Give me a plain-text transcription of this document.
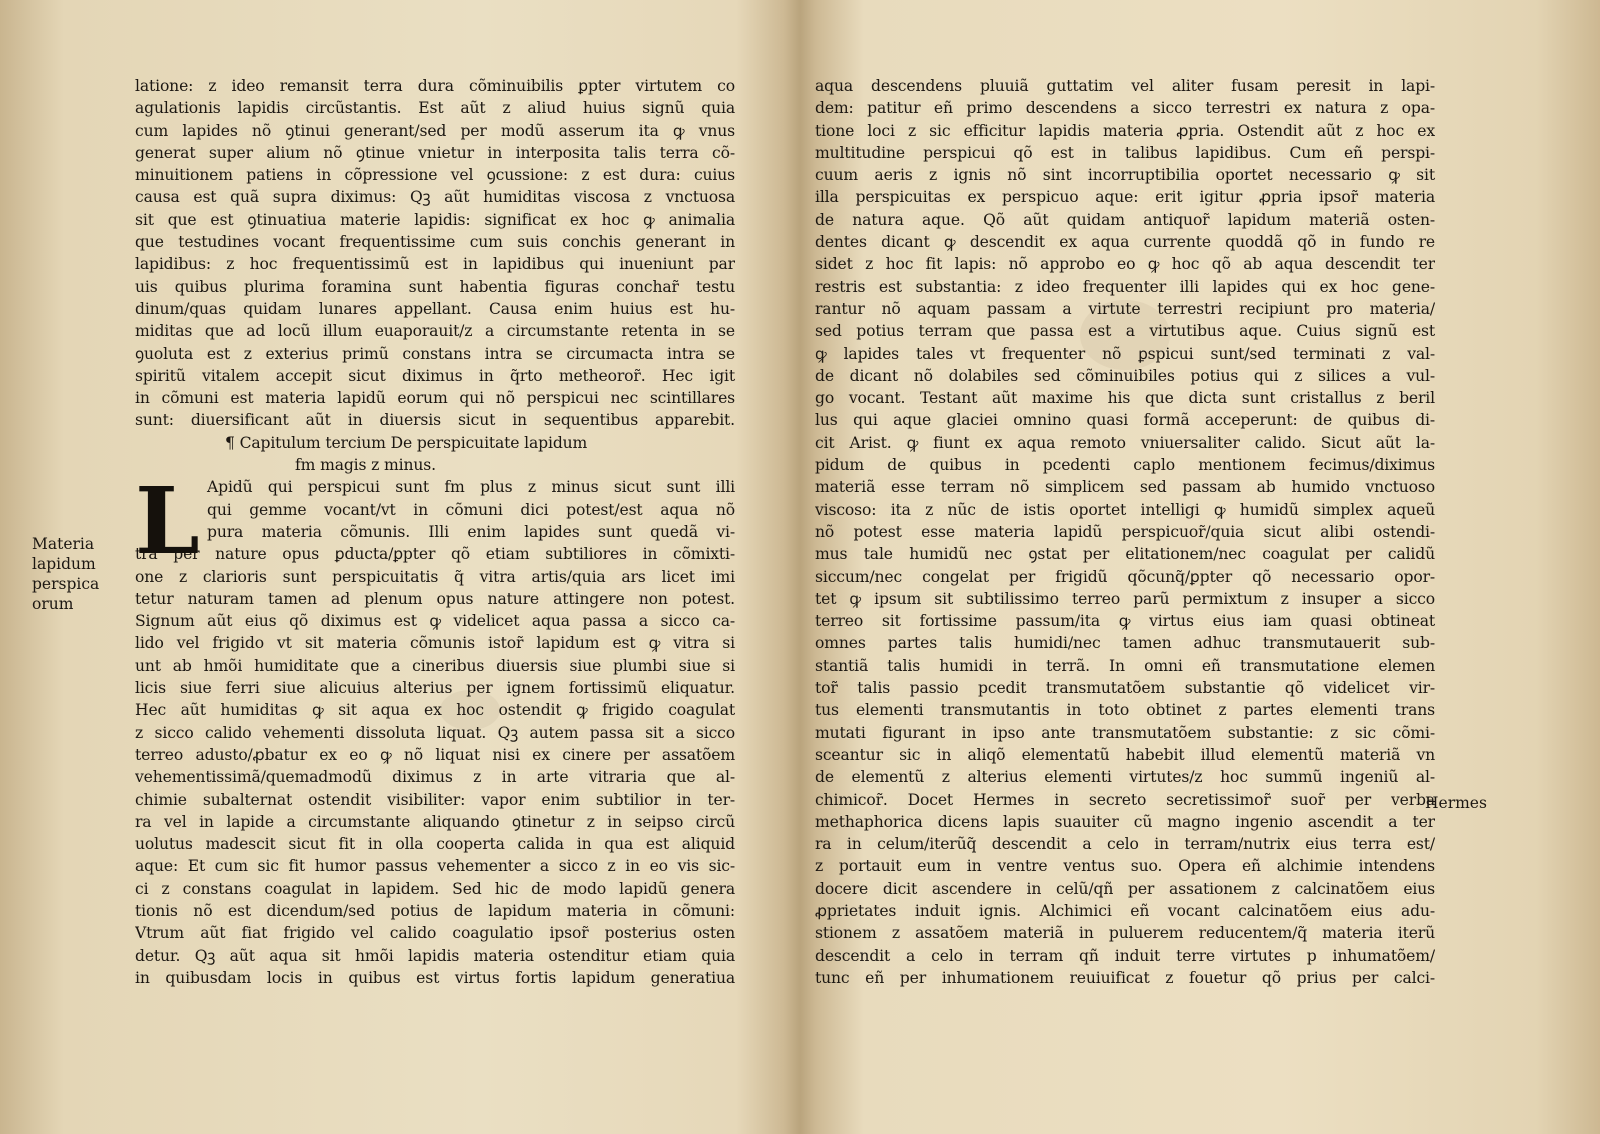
latione: z ideo remansit terra dura cõminuibilis ꝑpter virtutem co
agulationis lapidis circũstantis. Est aũt z aliud huius signũ quia
cum lapides nõ ꝯtinui generant/sed per modũ asserum ita ꝙ vnus
generat super alium nõ ꝯtinue vnietur in interposita talis terra cõ-
minuitionem patiens in cõpressione vel ꝯcussione: z est dura: cuius
causa est quã supra diximus: Qꝫ aũt humiditas viscosa z vnctuosa
sit que est ꝯtinuatiua materie lapidis: significat ex hoc ꝙ animalia
que testudines vocant frequentissime cum suis conchis generant in
lapidibus: z hoc frequentissimũ est in lapidibus qui inueniunt par
uis quibus plurima foramina sunt habentia figuras conchar̃ testu
dinum/quas quidam lunares appellant. Causa enim huius est hu-
miditas que ad locũ illum euaporauit/z a circumstante retenta in se
ꝯuoluta est z exterius primũ constans intra se circumacta intra se
spiritũ vitalem accepit sicut diximus in q̃rto metheoror̃. Hec igit
in cõmuni est materia lapidũ eorum qui nõ perspicui nec scintillares
sunt: diuersificant aũt in diuersis sicut in sequentibus apparebit.
¶ Capitulum tercium De perspicuitate lapidum
fm magis z minus.
L Apidũ qui perspicui sunt fm plus z minus sicut sunt illi
qui gemme vocant/vt in cõmuni dici potest/est aqua nõ
pura materia cõmunis. Illi enim lapides sunt quedã vi-
tra per nature opus ꝑducta/ꝑpter qõ etiam subtiliores in cõmixti-
one z clarioris sunt perspicuitatis q̃ vitra artis/quia ars licet imi
tetur naturam tamen ad plenum opus nature attingere non potest.
Signum aũt eius qõ diximus est ꝙ videlicet aqua passa a sicco ca-
lido vel frigido vt sit materia cõmunis istor̃ lapidum est ꝙ vitra si
unt ab hmõi humiditate que a cineribus diuersis siue plumbi siue si
licis siue ferri siue alicuius alterius per ignem fortissimũ eliquatur.
Hec aũt humiditas ꝙ sit aqua ex hoc ostendit ꝙ frigido coagulat
z sicco calido vehementi dissoluta liquat. Qꝫ autem passa sit a sicco
terreo adusto/ꝓbatur ex eo ꝙ nõ liquat nisi ex cinere per assatõem
vehementissimã/quemadmodũ diximus z in arte vitraria que al-
chimie subalternat ostendit visibiliter: vapor enim subtilior in ter-
ra vel in lapide a circumstante aliquando ꝯtinetur z in seipso circũ
uolutus madescit sicut fit in olla cooperta calida in qua est aliquid
aque: Et cum sic fit humor passus vehementer a sicco z in eo vis sic-
ci z constans coagulat in lapidem. Sed hic de modo lapidũ genera
tionis nõ est dicendum/sed potius de lapidum materia in cõmuni:
Vtrum aũt fiat frigido vel calido coagulatio ipsor̃ posterius osten
detur. Qꝫ aũt aqua sit hmõi lapidis materia ostenditur etiam quia
in quibusdam locis in quibus est virtus fortis lapidum generatiua
Materia
lapidum
perspica
orum
aqua descendens pluuiã guttatim vel aliter fusam peresit in lapi-
dem: patitur eñ primo descendens a sicco terrestri ex natura z opa-
tione loci z sic efficitur lapidis materia ꝓpria. Ostendit aũt z hoc ex
multitudine perspicui qõ est in talibus lapidibus. Cum eñ perspi-
cuum aeris z ignis nõ sint incorruptibilia oportet necessario ꝙ sit
illa perspicuitas ex perspicuo aque: erit igitur ꝓpria ipsor̃ materia
de natura aque. Qõ aũt quidam antiquor̃ lapidum materiã osten-
dentes dicant ꝙ descendit ex aqua currente quoddã qõ in fundo re
sidet z hoc fit lapis: nõ approbo eo ꝙ hoc qõ ab aqua descendit ter
restris est substantia: z ideo frequenter illi lapides qui ex hoc gene-
rantur nõ aquam passam a virtute terrestri recipiunt pro materia/
sed potius terram que passa est a virtutibus aque. Cuius signũ est
ꝙ lapides tales vt frequenter nõ ꝑspicui sunt/sed terminati z val-
de dicant nõ dolabiles sed cõminuibiles potius qui z silices a vul-
go vocant. Testant aũt maxime his que dicta sunt cristallus z beril
lus qui aque glaciei omnino quasi formã acceperunt: de quibus di-
cit Arist. ꝙ fiunt ex aqua remoto vniuersaliter calido. Sicut aũt la-
pidum de quibus in pcedenti caplo mentionem fecimus/diximus
materiã esse terram nõ simplicem sed passam ab humido vnctuoso
viscoso: ita z nũc de istis oportet intelligi ꝙ humidũ simplex aqueũ
nõ potest esse materia lapidũ perspicuor̃/quia sicut alibi ostendi-
mus tale humidũ nec ꝯstat per elitationem/nec coagulat per calidũ
siccum/nec congelat per frigidũ qõcunq̃/ꝑpter qõ necessario opor-
tet ꝙ ipsum sit subtilissimo terreo parũ permixtum z insuper a sicco
terreo sit fortissime passum/ita ꝙ virtus eius iam quasi obtineat
omnes partes talis humidi/nec tamen adhuc transmutauerit sub-
stantiã talis humidi in terrã. In omni eñ transmutatione elemen
tor̃ talis passio pcedit transmutatõem substantie qõ videlicet vir-
tus elementi transmutantis in toto obtinet z partes elementi trans
mutati figurant in ipso ante transmutatõem substantie: z sic cõmi-
sceantur sic in aliqõ elementatũ habebit illud elementũ materiã vn
de elementũ z alterius elementi virtutes/z hoc summũ ingeniũ al-
chimicor̃. Docet Hermes in secreto secretissimor̃ suor̃ per verba
methaphorica dicens lapis suauiter cũ magno ingenio ascendit a ter
ra in celum/iterũq̃ descendit a celo in terram/nutrix eius terra est/
z portauit eum in ventre ventus suo. Opera eñ alchimie intendens
docere dicit ascendere in celũ/qñ per assationem z calcinatõem eius
ꝓprietates induit ignis. Alchimici eñ vocant calcinatõem eius adu-
stionem z assatõem materiã in puluerem reducentem/q̃ materia iterũ
descendit a celo in terram qñ induit terre virtutes p inhumatõem/
tunc eñ per inhumationem reuiuificat z fouetur qõ prius per calci-
Hermes
